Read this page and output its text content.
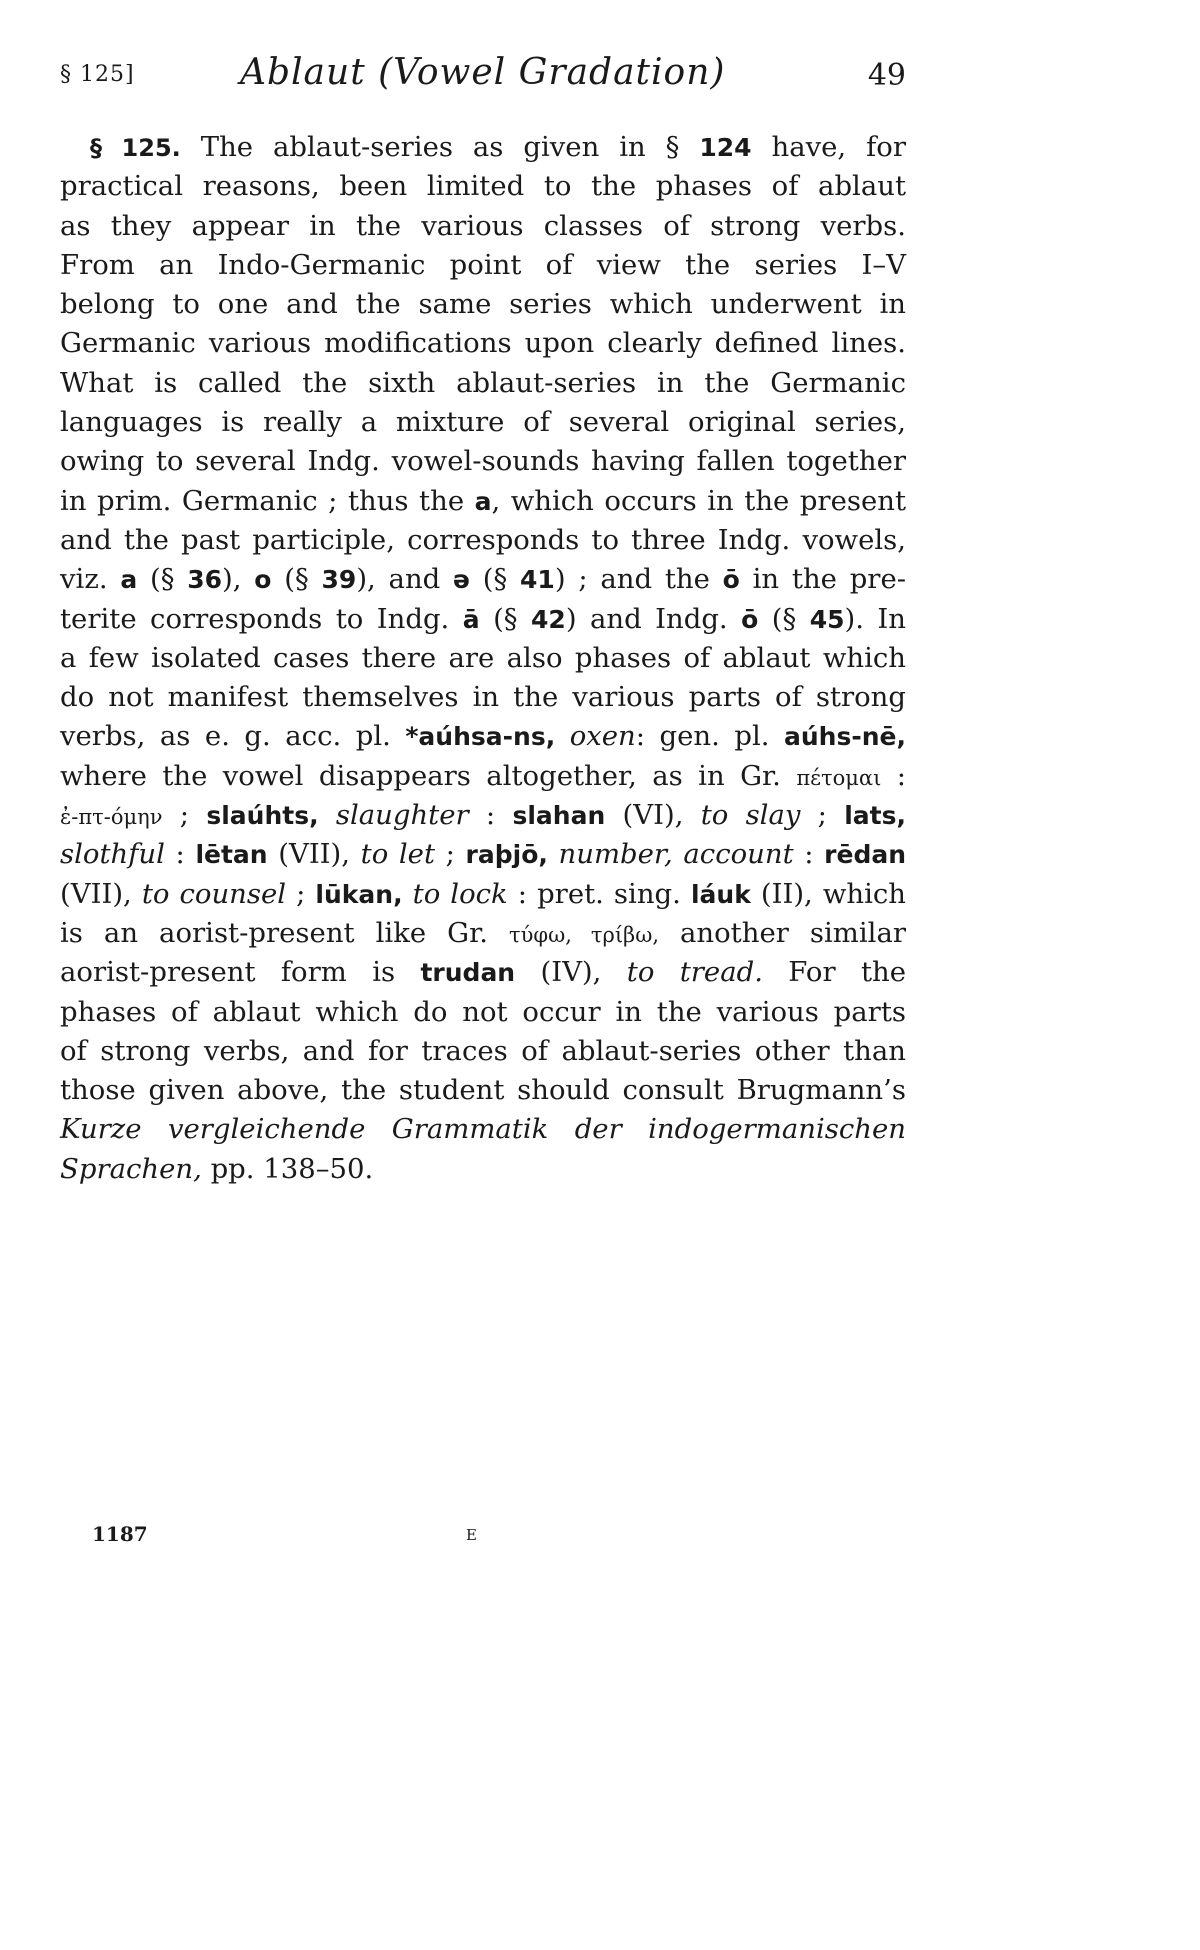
§ 125]	Ablaut (Vowel Gradation)	49
§ 125. The ablaut-series as given in § 124 have, for
practical reasons, been limited to the phases of ablaut
as they appear in the various classes of strong verbs.
From an Indo-Germanic point of view the series I–V
belong to one and the same series which underwent in
Germanic various modifications upon clearly defined lines.
What is called the sixth ablaut-series in the Germanic
languages is really a mixture of several original series,
owing to several Indg. vowel-sounds having fallen together
in prim. Germanic ; thus the a, which occurs in the present
and the past participle, corresponds to three Indg. vowels,
viz. a (§ 36), o (§ 39), and ə (§ 41) ; and the ō in the pre-
terite corresponds to Indg. ā (§ 42) and Indg. ō (§ 45). In
a few isolated cases there are also phases of ablaut which
do not manifest themselves in the various parts of strong
verbs, as e. g. acc. pl. *aúhsa-ns, oxen: gen. pl. aúhs-nē,
where the vowel disappears altogether, as in Gr. πέτομαι :
ἐ-πτ-όμην ; slaúhts, slaughter : slahan (VI), to slay ; lats,
slothful : lētan (VII), to let ; raþjō, number, account : rēdan
(VII), to counsel ; lūkan, to lock : pret. sing. láuk (II), which
is an aorist-present like Gr. τύφω, τρίβω, another similar
aorist-present form is trudan (IV), to tread. For the
phases of ablaut which do not occur in the various parts
of strong verbs, and for traces of ablaut-series other than
those given above, the student should consult Brugmann’s
Kurze vergleichende Grammatik der indogermanischen
Sprachen, pp. 138–50.
1187	E
